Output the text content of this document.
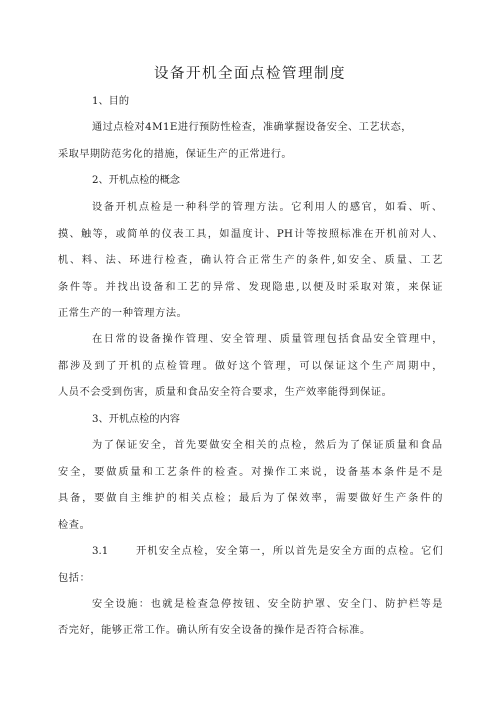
设备开机全面点检管理制度
1、目的
通过点检对4M1E进行预防性检查，准确掌握设备安全、工艺状态，
采取早期防范劣化的措施，保证生产的正常进行。
2、开机点检的概念
设备开机点检是一种科学的管理方法。它利用人的感官，如看、听、
摸、触等，或简单的仪表工具，如温度计、PH计等按照标准在开机前对人、
机、料、法、环进行检查，确认符合正常生产的条件,如安全、质量、工艺
条件等。并找出设备和工艺的异常、发现隐患,以便及时采取对策，来保证
正常生产的一种管理方法。
在日常的设备操作管理、安全管理、质量管理包括食品安全管理中，
都涉及到了开机的点检管理。做好这个管理，可以保证这个生产周期中，
人员不会受到伤害，质量和食品安全符合要求，生产效率能得到保证。
3、开机点检的内容
为了保证安全，首先要做安全相关的点检，然后为了保证质量和食品
安全，要做质量和工艺条件的检查。对操作工来说，设备基本条件是不是
具备，要做自主维护的相关点检；最后为了保效率，需要做好生产条件的
检查。
3.1	开机安全点检，安全第一，所以首先是安全方面的点检。它们
包括：
安全设施：也就是检查急停按钮、安全防护罩、安全门、防护栏等是
否完好，能够正常工作。确认所有安全设备的操作是否符合标准。
